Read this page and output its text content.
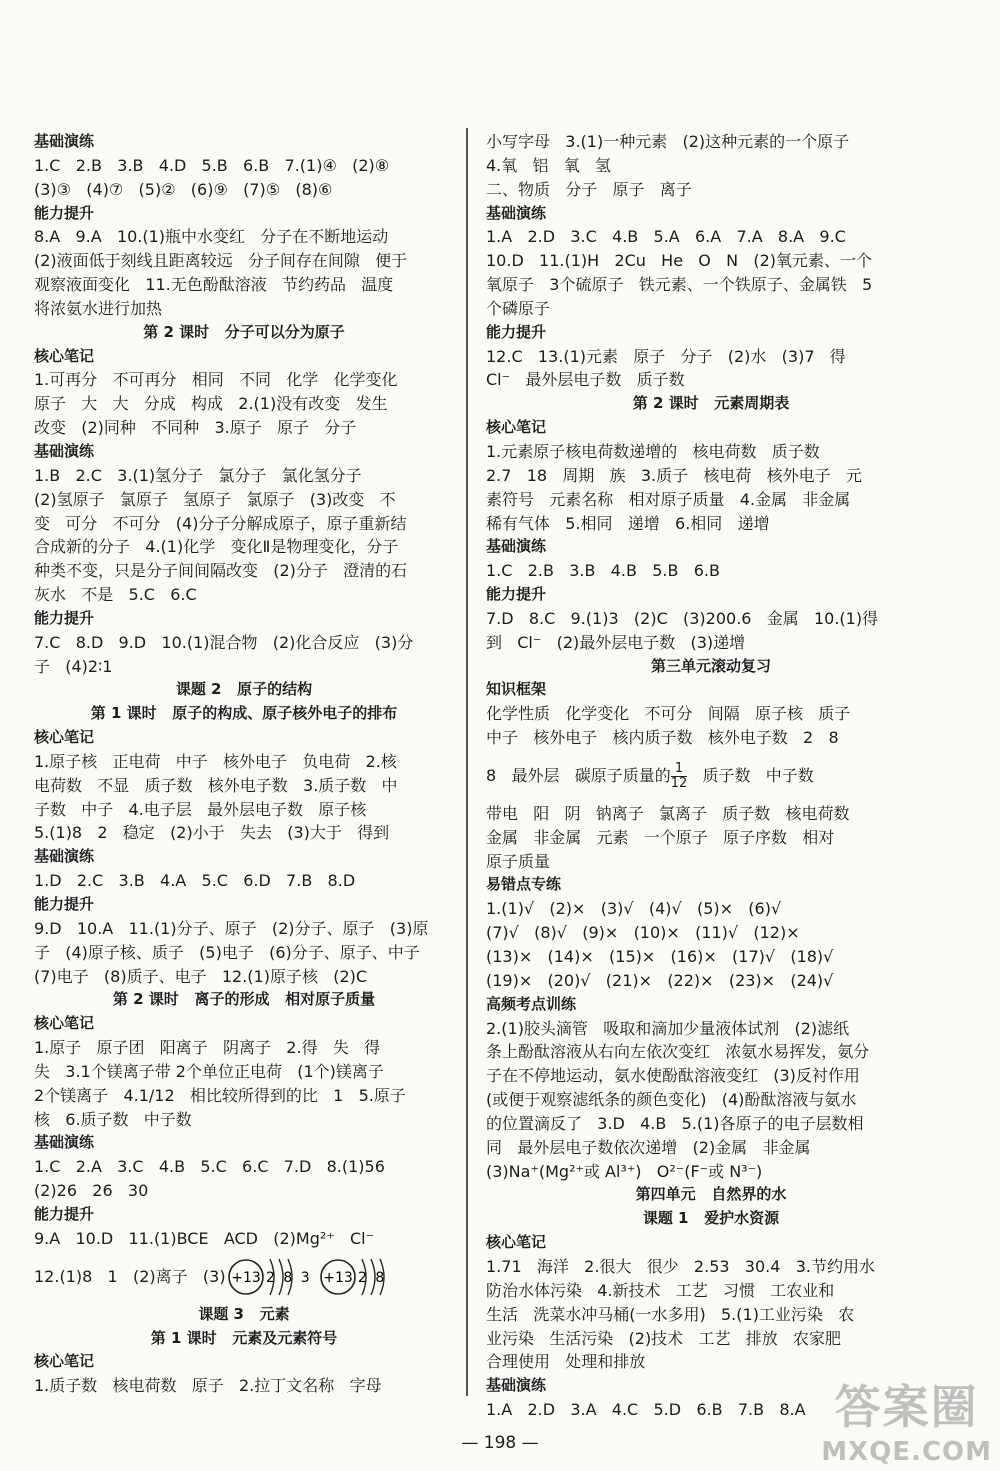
基础演练
1.C   2.B   3.B   4.D   5.B   6.B   7.(1)④   (2)⑧
(3)③   (4)⑦   (5)②   (6)⑨   (7)⑤   (8)⑥
能力提升
8.A   9.A   10.(1)瓶中水变红   分子在不断地运动
(2)液面低于刻线且距离较远   分子间存在间隙   便于
观察液面变化   11.无色酚酞溶液   节约药品   温度
将浓氨水进行加热
第 2 课时   分子可以分为原子
核心笔记
1.可再分   不可再分   相同   不同   化学   化学变化
原子   大   大   分成   构成   2.(1)没有改变   发生
改变   (2)同种   不同种   3.原子   原子   分子
基础演练
1.B   2.C   3.(1)氢分子   氯分子   氯化氢分子
(2)氢原子   氯原子   氢原子   氯原子   (3)改变   不
变   可分   不可分   (4)分子分解成原子，原子重新结
合成新的分子   4.(1)化学   变化Ⅱ是物理变化，分子
种类不变，只是分子间间隔改变   (2)分子   澄清的石
灰水   不是   5.C   6.C
能力提升
7.C   8.D   9.D   10.(1)混合物   (2)化合反应   (3)分
子   (4)2∶1
课题 2   原子的结构
第 1 课时   原子的构成、原子核外电子的排布
核心笔记
1.原子核   正电荷   中子   核外电子   负电荷   2.核
电荷数   不显   质子数   核外电子数   3.质子数   中
子数   中子   4.电子层   最外层电子数   原子核
5.(1)8   2   稳定   (2)小于   失去   (3)大于   得到
基础演练
1.D   2.C   3.B   4.A   5.C   6.D   7.B   8.D
能力提升
9.D   10.A   11.(1)分子、原子   (2)分子、原子   (3)原
子   (4)原子核、质子   (5)电子   (6)分子、原子、中子
(7)电子   (8)质子、电子   12.(1)原子核   (2)C
第 2 课时   离子的形成   相对原子质量
核心笔记
1.原子   原子团   阳离子   阴离子   2.得   失   得
失   3.1个镁离子带 2个单位正电荷   (1个)镁离子
2个镁离子   4.1/12   相比较所得到的比   1   5.原子
核   6.质子数   中子数
基础演练
1.C   2.A   3.C   4.B   5.C   6.C   7.D   8.(1)56
(2)26   26   30
能力提升
9.A   10.D   11.(1)BCE   ACD   (2)Mg²⁺   Cl⁻
12.(1)8   1   (2)离子   (3) +13 2 8 3 +13 2 8
课题 3   元素
第 1 课时   元素及元素符号
核心笔记
1.质子数   核电荷数   原子   2.拉丁文名称   字母
小写字母   3.(1)一种元素   (2)这种元素的一个原子
4.氧   铝   氧   氢
二、物质   分子   原子   离子
基础演练
1.A   2.D   3.C   4.B   5.A   6.A   7.A   8.A   9.C
10.D   11.(1)H   2Cu   He   O   N   (2)氧元素、一个
氧原子   3个硫原子   铁元素、一个铁原子、金属铁   5
个磷原子
能力提升
12.C   13.(1)元素   原子   分子   (2)水   (3)7   得
Cl⁻   最外层电子数   质子数
第 2 课时   元素周期表
核心笔记
1.元素原子核电荷数递增的   核电荷数   质子数
2.7   18   周期   族   3.质子   核电荷   核外电子   元
素符号   元素名称   相对原子质量   4.金属   非金属
稀有气体   5.相同   递增   6.相同   递增
基础演练
1.C   2.B   3.B   4.B   5.B   6.B
能力提升
7.D   8.C   9.(1)3   (2)C   (3)200.6   金属   10.(1)得
到   Cl⁻   (2)最外层电子数   (3)递增
第三单元滚动复习
知识框架
化学性质   化学变化   不可分   间隔   原子核   质子
中子   核外电子   核内质子数   核外电子数   2   8
8   最外层   碳原子质量的 $\frac{1}{12}$ 质子数   中子数
带电   阳   阴   钠离子   氯离子   质子数   核电荷数
金属   非金属   元素   一个原子   原子序数   相对
原子质量
易错点专练
1.(1)√   (2)×   (3)√   (4)√   (5)×   (6)√
(7)√   (8)√   (9)×   (10)×   (11)√   (12)×
(13)×   (14)×   (15)×   (16)×   (17)√   (18)√
(19)×   (20)√   (21)×   (22)×   (23)×   (24)√
高频考点训练
2.(1)胶头滴管   吸取和滴加少量液体试剂   (2)滤纸
条上酚酞溶液从右向左依次变红   浓氨水易挥发，氨分
子在不停地运动，氨水使酚酞溶液变红   (3)反衬作用
(或便于观察滤纸条的颜色变化)   (4)酚酞溶液与氨水
的位置滴反了   3.D   4.B   5.(1)各原子的电子层数相
同   最外层电子数依次递增   (2)金属   非金属
(3)Na⁺(Mg²⁺或 Al³⁺)   O²⁻(F⁻或 N³⁻)
第四单元   自然界的水
课题 1   爱护水资源
核心笔记
1.71   海洋   2.很大   很少   2.53   30.4   3.节约用水
防治水体污染   4.新技术   工艺   习惯   工农业和
生活   洗菜水冲马桶(一水多用)   5.(1)工业污染   农
业污染   生活污染   (2)技术   工艺   排放   农家肥
合理使用   处理和排放
基础演练
1.A   2.D   3.A   4.C   5.D   6.B   7.B   8.A
— 198 —
答案圈
MXQE.COM
